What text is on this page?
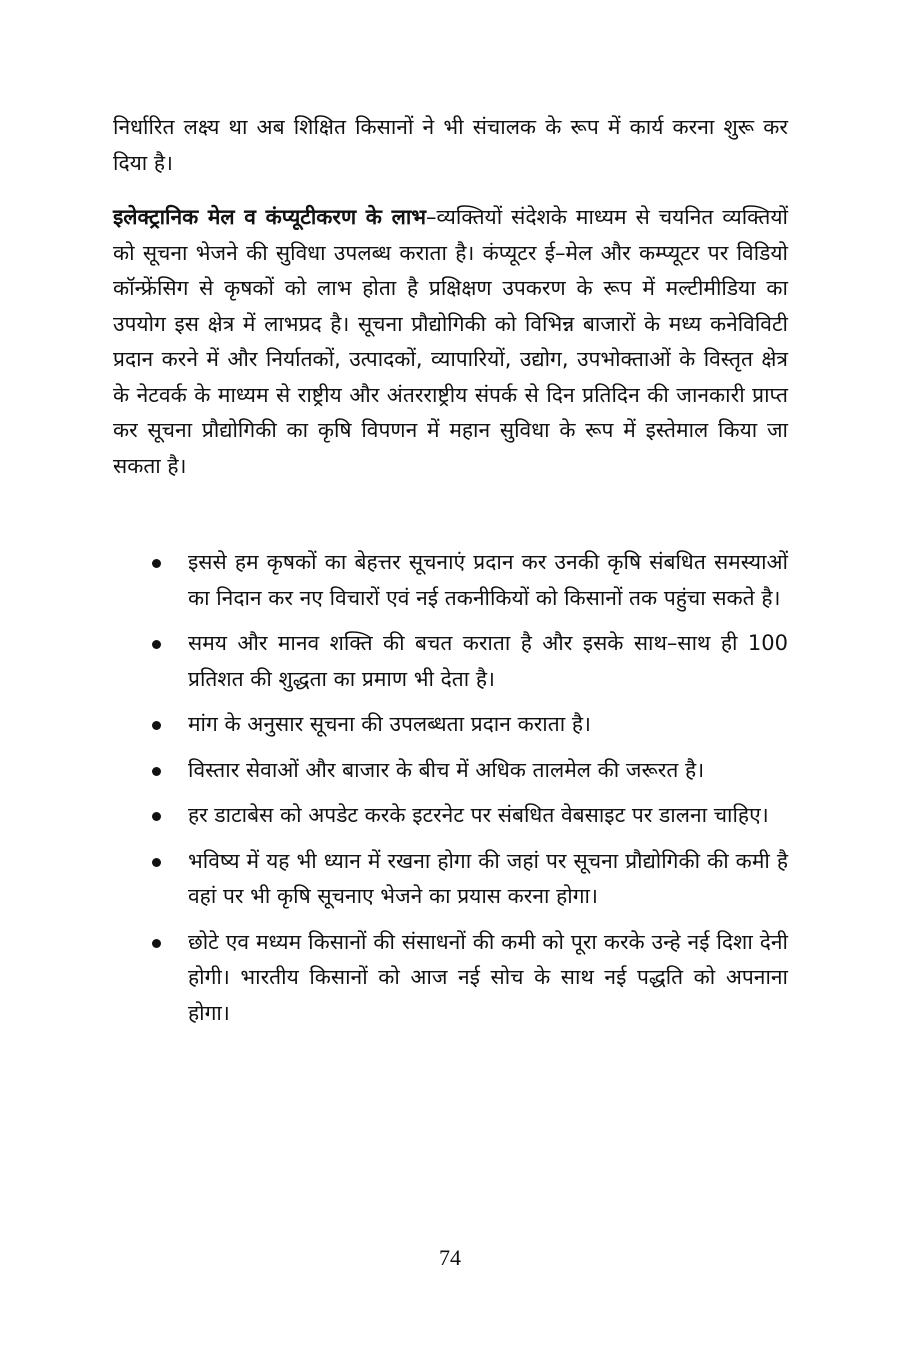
निर्धारित लक्ष्य था अब शिक्षित किसानों ने भी संचालक के रूप में कार्य करना शुरू कर दिया है।

इलेक्ट्रानिक मेल व कंप्यूटीकरण के लाभ–व्यक्तियों संदेशके माध्यम से चयनित व्यक्तियों को सूचना भेजने की सुविधा उपलब्ध कराता है। कंप्यूटर ई–मेल और कम्प्यूटर पर विडियो कॉन्फ्रेंसिग से कृषकों को लाभ होता है प्रक्षिक्षण उपकरण के रूप में मल्टीमीडिया का उपयोग इस क्षेत्र में लाभप्रद है। सूचना प्रौद्योगिकी को विभिन्न बाजारों के मध्य कनेविविटी प्रदान करने में और निर्यातकों, उत्पादकों, व्यापारियों, उद्योग, उपभोक्ताओं के विस्तृत क्षेत्र के नेटवर्क के माध्यम से राष्ट्रीय और अंतरराष्ट्रीय संपर्क से दिन प्रतिदिन की जानकारी प्राप्त कर सूचना प्रौद्योगिकी का कृषि विपणन में महान सुविधा के रूप में इस्तेमाल किया जा सकता है।

इससे हम कृषकों का बेहत्तर सूचनाएं प्रदान कर उनकी कृषि संबधित समस्याओं का निदान कर नए विचारों एवं नई तकनीकियों को किसानों तक पहुंचा सकते है।
समय और मानव शक्ति की बचत कराता है और इसके साथ–साथ ही 100 प्रतिशत की शुद्धता का प्रमाण भी देता है।
मांग के अनुसार सूचना की उपलब्धता प्रदान कराता है।
विस्तार सेवाओं और बाजार के बीच में अधिक तालमेल की जरूरत है।
हर डाटाबेस को अपडेट करके इटरनेट पर संबधित वेबसाइट पर डालना चाहिए।
भविष्य में यह भी ध्यान में रखना होगा की जहां पर सूचना प्रौद्योगिकी की कमी है वहां पर भी कृषि सूचनाए भेजने का प्रयास करना होगा।
छोटे एव मध्यम किसानों की संसाधनों की कमी को पूरा करके उन्हे नई दिशा देनी होगी। भारतीय किसानों को आज नई सोच के साथ नई पद्धति को अपनाना होगा।
74
